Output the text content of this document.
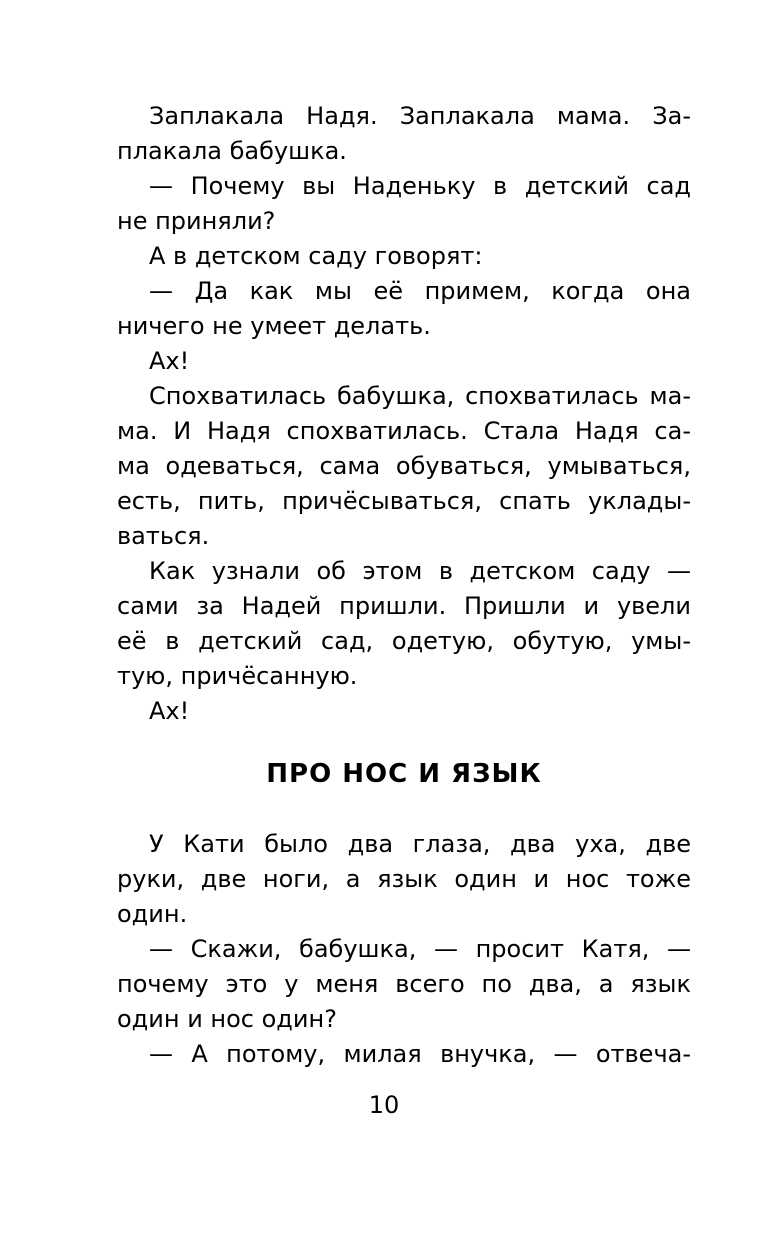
Заплакала Надя. Заплакала мама. За-
плакала бабушка.

— Почему вы Наденьку в детский сад
не приняли?

А в детском саду говорят:

— Да как мы её примем, когда она
ничего не умеет делать.

Ах!

Спохватилась бабушка, спохватилась ма-
ма. И Надя спохватилась. Стала Надя са-
ма одеваться, сама обуваться, умываться,
есть, пить, причёсываться, спать уклады-
ваться.

Как узнали об этом в детском саду —
сами за Надей пришли. Пришли и увели
её в детский сад, одетую, обутую, умы-
тую, причёсанную.

Ах!

ПРО НОС И ЯЗЫК

У Кати было два глаза, два уха, две
руки, две ноги, а язык один и нос тоже
один.

— Скажи, бабушка, — просит Катя, —
почему это у меня всего по два, а язык
один и нос один?

— А потому, милая внучка, — отвеча-

10
